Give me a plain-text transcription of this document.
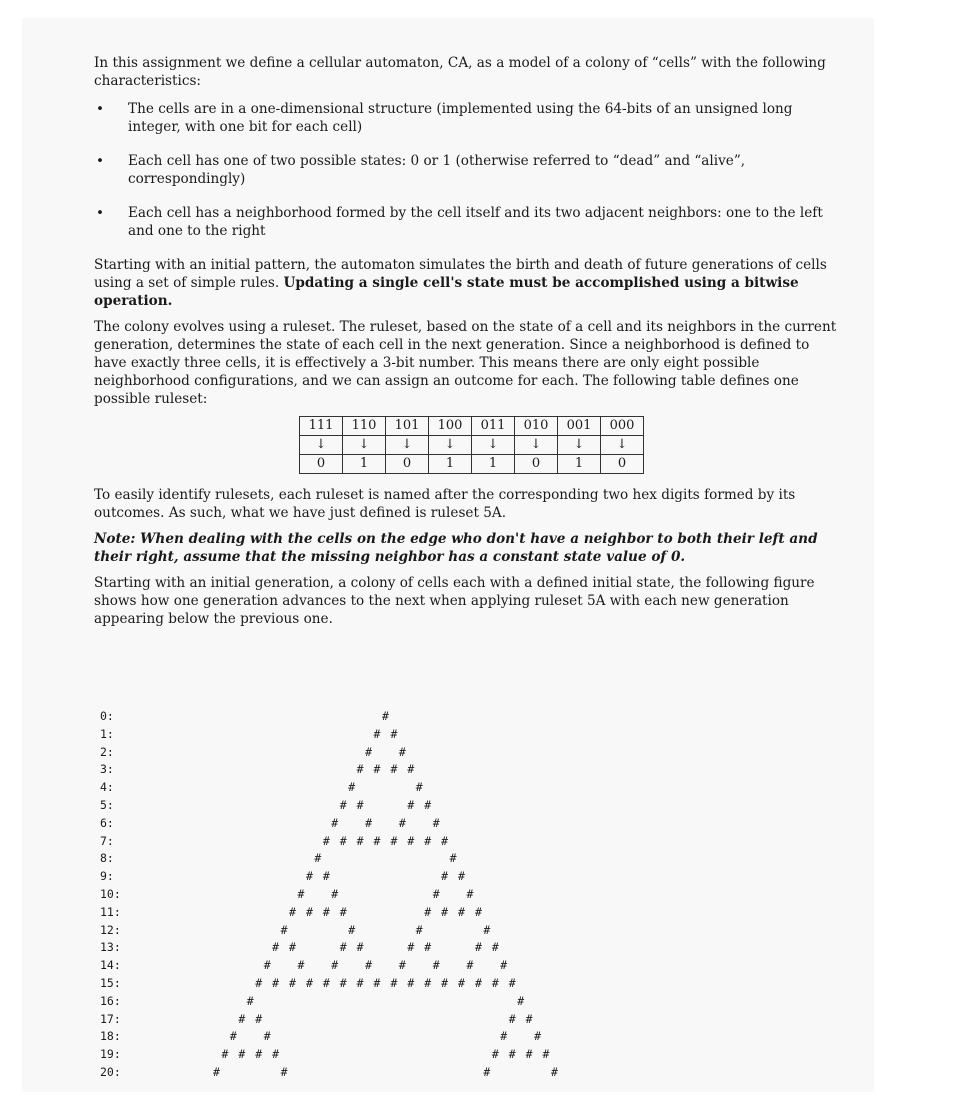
In this assignment we define a cellular automaton, CA, as a model of a colony of “cells” with the following characteristics:

• The cells are in a one-dimensional structure (implemented using the 64-bits of an unsigned long integer, with one bit for each cell)
• Each cell has one of two possible states: 0 or 1 (otherwise referred to “dead” and “alive”, correspondingly)
• Each cell has a neighborhood formed by the cell itself and its two adjacent neighbors: one to the left and one to the right

Starting with an initial pattern, the automaton simulates the birth and death of future generations of cells using a set of simple rules. Updating a single cell's state must be accomplished using a bitwise operation.

The colony evolves using a ruleset. The ruleset, based on the state of a cell and its neighbors in the current generation, determines the state of each cell in the next generation. Since a neighborhood is defined to have exactly three cells, it is effectively a 3-bit number. This means there are only eight possible neighborhood configurations, and we can assign an outcome for each. The following table defines one possible ruleset:

111	110	101	100	011	010	001	000
↓	↓	↓	↓	↓	↓	↓	↓
0	1	0	1	1	0	1	0

To easily identify rulesets, each ruleset is named after the corresponding two hex digits formed by its outcomes. As such, what we have just defined is ruleset 5A.

Note: When dealing with the cells on the edge who don't have a neighbor to both their left and their right, assume that the missing neighbor has a constant state value of 0.

Starting with an initial generation, a colony of cells each with a defined initial state, the following figure shows how one generation advances to the next when applying ruleset 5A with each new generation appearing below the previous one.

0:	#
1:	# #
2:	# #
3:	# # # #
4:	#	#
5:	# #	# #
6:	# # # #
7:	# # # # # # # #
8:	#	#
9:	# #	# #
10:	# #	# #
11:	# # # #	# # # #
12:	#	#	#	#
13:	# #	# #	# #	# #
14:	# # # # # # # #
15:	# # # # # # # # # # # # # # # #
16:	#	#
17:	# #	# #
18:	# #	# #
19:	# # # #	# # # #
20:	#	#	#	#
